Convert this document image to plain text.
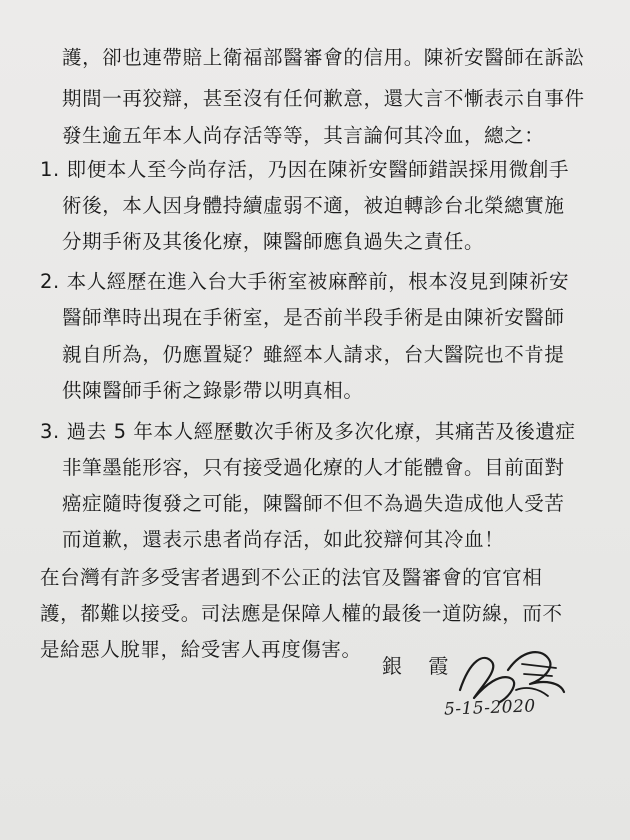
護，卻也連帶賠上衛福部醫審會的信用。陳祈安醫師在訴訟
期間一再狡辯，甚至沒有任何歉意，還大言不慚表示自事件
發生逾五年本人尚存活等等，其言論何其冷血，總之：
1. 即便本人至今尚存活，乃因在陳祈安醫師錯誤採用微創手
術後，本人因身體持續虛弱不適，被迫轉診台北榮總實施
分期手術及其後化療，陳醫師應負過失之責任。
2. 本人經歷在進入台大手術室被麻醉前，根本沒見到陳祈安
醫師準時出現在手術室，是否前半段手術是由陳祈安醫師
親自所為，仍應置疑？雖經本人請求，台大醫院也不肯提
供陳醫師手術之錄影帶以明真相。
3. 過去 5 年本人經歷數次手術及多次化療，其痛苦及後遺症
非筆墨能形容，只有接受過化療的人才能體會。目前面對
癌症隨時復發之可能，陳醫師不但不為過失造成他人受苦
而道歉，還表示患者尚存活，如此狡辯何其冷血！
在台灣有許多受害者遇到不公正的法官及醫審會的官官相
護，都難以接受。司法應是保障人權的最後一道防線，而不
是給惡人脫罪，給受害人再度傷害。
銀 霞
5-15-2020
